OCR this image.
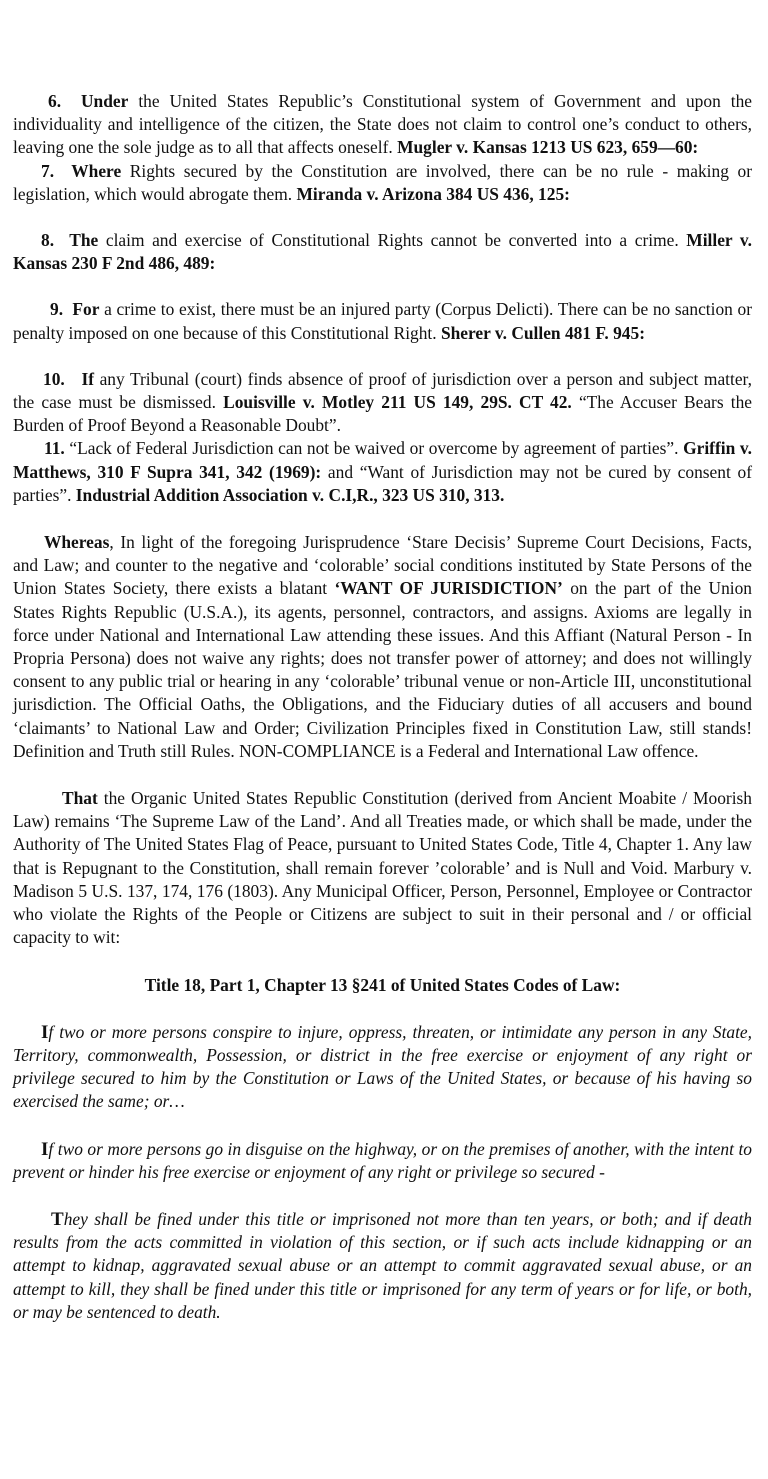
6. Under the United States Republic’s Constitutional system of Government and upon the individuality and intelligence of the citizen, the State does not claim to control one’s conduct to others, leaving one the sole judge as to all that affects oneself. Mugler v. Kansas 1213 US 623, 659—60:

7. Where Rights secured by the Constitution are involved, there can be no rule - making or legislation, which would abrogate them. Miranda v. Arizona 384 US 436, 125:

8. The claim and exercise of Constitutional Rights cannot be converted into a crime. Miller v. Kansas 230 F 2nd 486, 489:

9. For a crime to exist, there must be an injured party (Corpus Delicti). There can be no sanction or penalty imposed on one because of this Constitutional Right. Sherer v. Cullen 481 F. 945:

10. If any Tribunal (court) finds absence of proof of jurisdiction over a person and subject matter, the case must be dismissed. Louisville v. Motley 211 US 149, 29S. CT 42. “The Accuser Bears the Burden of Proof Beyond a Reasonable Doubt”.

11. “Lack of Federal Jurisdiction can not be waived or overcome by agreement of parties”. Griffin v. Matthews, 310 F Supra 341, 342 (1969): and “Want of Jurisdiction may not be cured by consent of parties”. Industrial Addition Association v. C.I,R., 323 US 310, 313.

Whereas, In light of the foregoing Jurisprudence ‘Stare Decisis’ Supreme Court Decisions, Facts, and Law; and counter to the negative and ‘colorable’ social conditions instituted by State Persons of the Union States Society, there exists a blatant ‘WANT OF JURISDICTION’ on the part of the Union States Rights Republic (U.S.A.), its agents, personnel, contractors, and assigns. Axioms are legally in force under National and International Law attending these issues. And this Affiant (Natural Person - In Propria Persona) does not waive any rights; does not transfer power of attorney; and does not willingly consent to any public trial or hearing in any ‘colorable’ tribunal venue or non-Article III, unconstitutional jurisdiction. The Official Oaths, the Obligations, and the Fiduciary duties of all accusers and bound ‘claimants’ to National Law and Order; Civilization Principles fixed in Constitution Law, still stands! Definition and Truth still Rules. NON-COMPLIANCE is a Federal and International Law offence.

That the Organic United States Republic Constitution (derived from Ancient Moabite / Moorish Law) remains ‘The Supreme Law of the Land’. And all Treaties made, or which shall be made, under the Authority of The United States Flag of Peace, pursuant to United States Code, Title 4, Chapter 1. Any law that is Repugnant to the Constitution, shall remain forever ’colorable’ and is Null and Void. Marbury v. Madison 5 U.S. 137, 174, 176 (1803). Any Municipal Officer, Person, Personnel, Employee or Contractor who violate the Rights of the People or Citizens are subject to suit in their personal and / or official capacity to wit:

Title 18, Part 1, Chapter 13 §241 of United States Codes of Law:

If two or more persons conspire to injure, oppress, threaten, or intimidate any person in any State, Territory, commonwealth, Possession, or district in the free exercise or enjoyment of any right or privilege secured to him by the Constitution or Laws of the United States, or because of his having so exercised the same; or…

If two or more persons go in disguise on the highway, or on the premises of another, with the intent to prevent or hinder his free exercise or enjoyment of any right or privilege so secured -

They shall be fined under this title or imprisoned not more than ten years, or both; and if death results from the acts committed in violation of this section, or if such acts include kidnapping or an attempt to kidnap, aggravated sexual abuse or an attempt to commit aggravated sexual abuse, or an attempt to kill, they shall be fined under this title or imprisoned for any term of years or for life, or both, or may be sentenced to death.
